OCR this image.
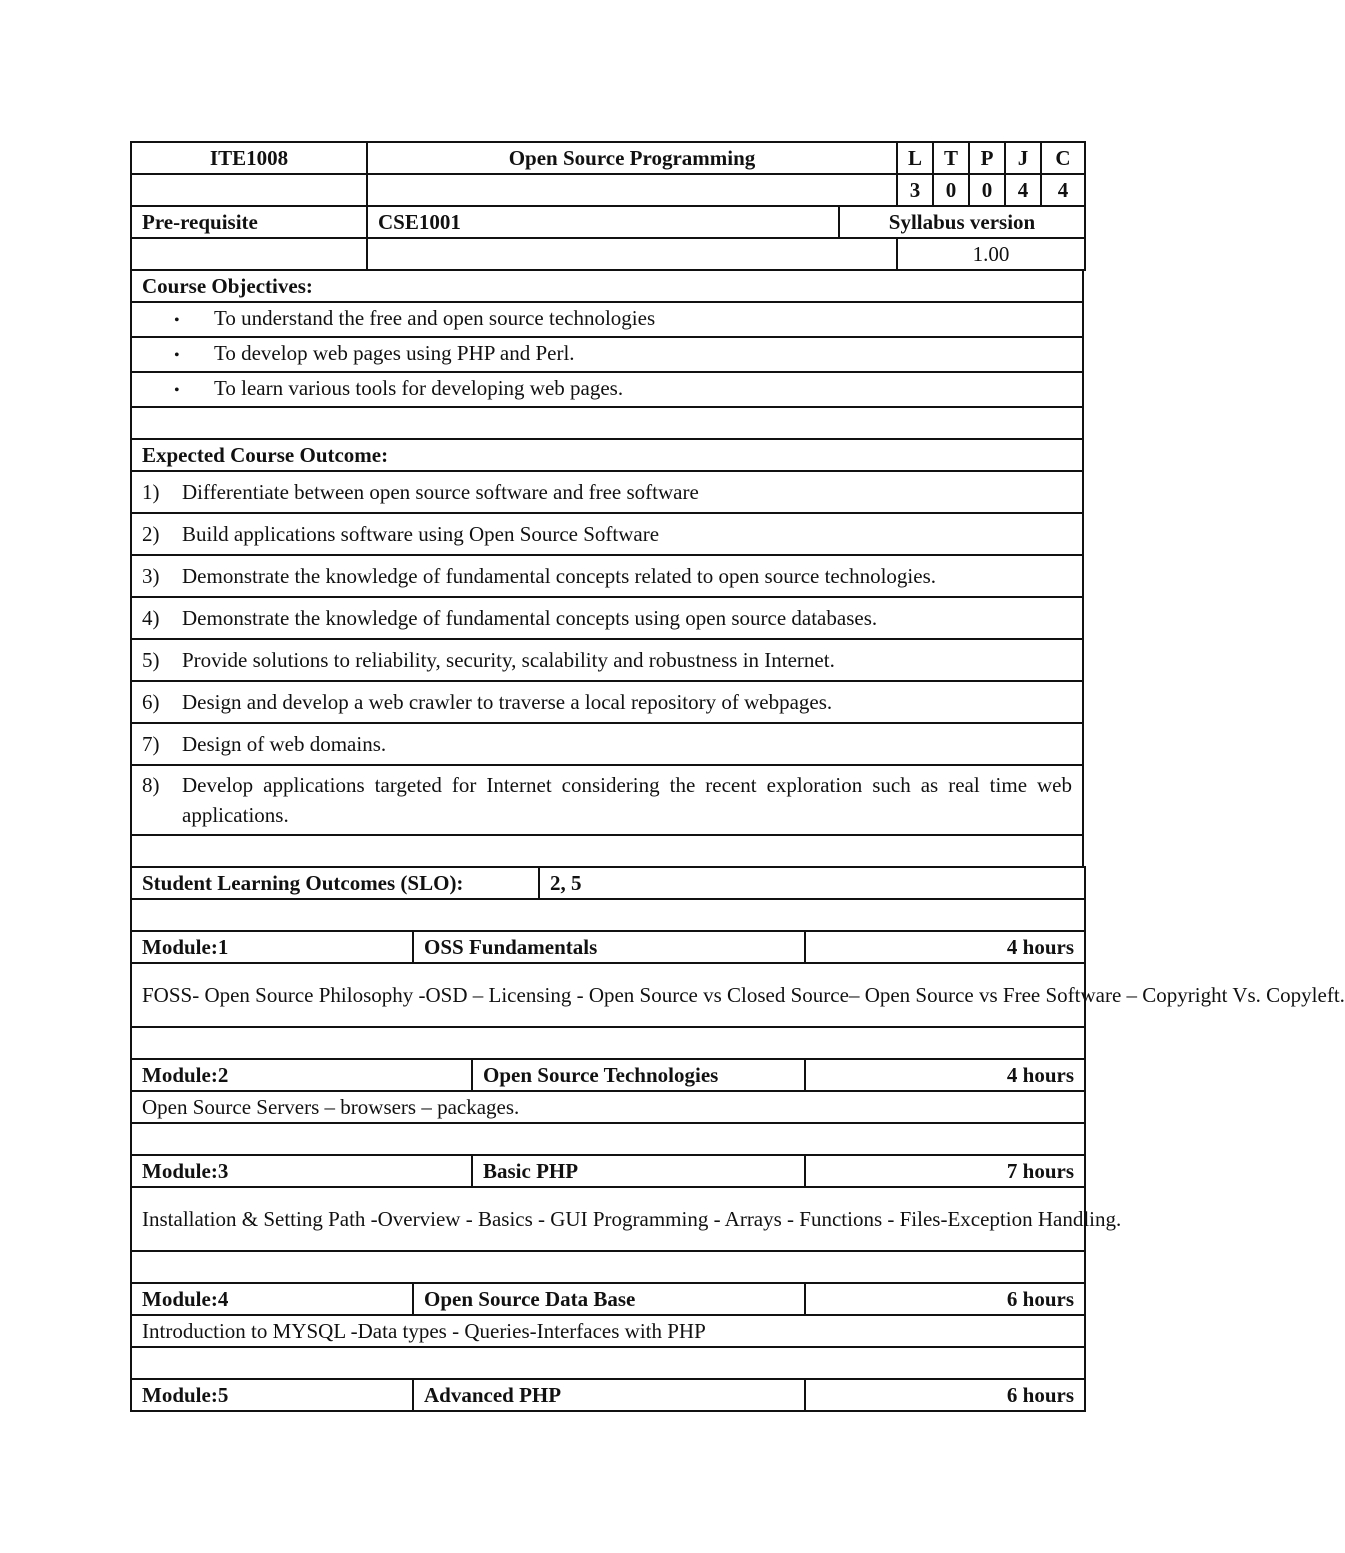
ITE1008	Open Source Programming	L	T	P	J	C
		3	0	0	4	4
Pre-requisite	CSE1001	Syllabus version	
			1.00
Course Objectives:
• To understand the free and open source technologies
• To develop web pages using PHP and Perl.
• To learn various tools for developing web pages.

Expected Course Outcome:
1) Differentiate between open source software and free software
2) Build applications software using Open Source Software
3) Demonstrate the knowledge of fundamental concepts related to open source technologies.
4) Demonstrate the knowledge of fundamental concepts using open source databases.
5) Provide solutions to reliability, security, scalability and robustness in Internet.
6) Design and develop a web crawler to traverse a local repository of webpages.
7) Design of web domains.

8)	Develop applications targeted for Internet considering the recent exploration such as real time web applications.

Student Learning Outcomes (SLO):	2, 5

Module:1	OSS Fundamentals	4 hours
FOSS- Open Source Philosophy -OSD – Licensing - Open Source vs Closed Source– Open Source vs Free Software – Copyright Vs. Copyleft.

Module:2	Open Source Technologies	4 hours
Open Source Servers – browsers – packages.

Module:3	Basic PHP	7 hours
Installation & Setting Path -Overview - Basics - GUI Programming - Arrays - Functions - Files-Exception Handling.

Module:4	Open Source Data Base	6 hours
Introduction to MYSQL -Data types - Queries-Interfaces with PHP

Module:5	Advanced PHP	6 hours
